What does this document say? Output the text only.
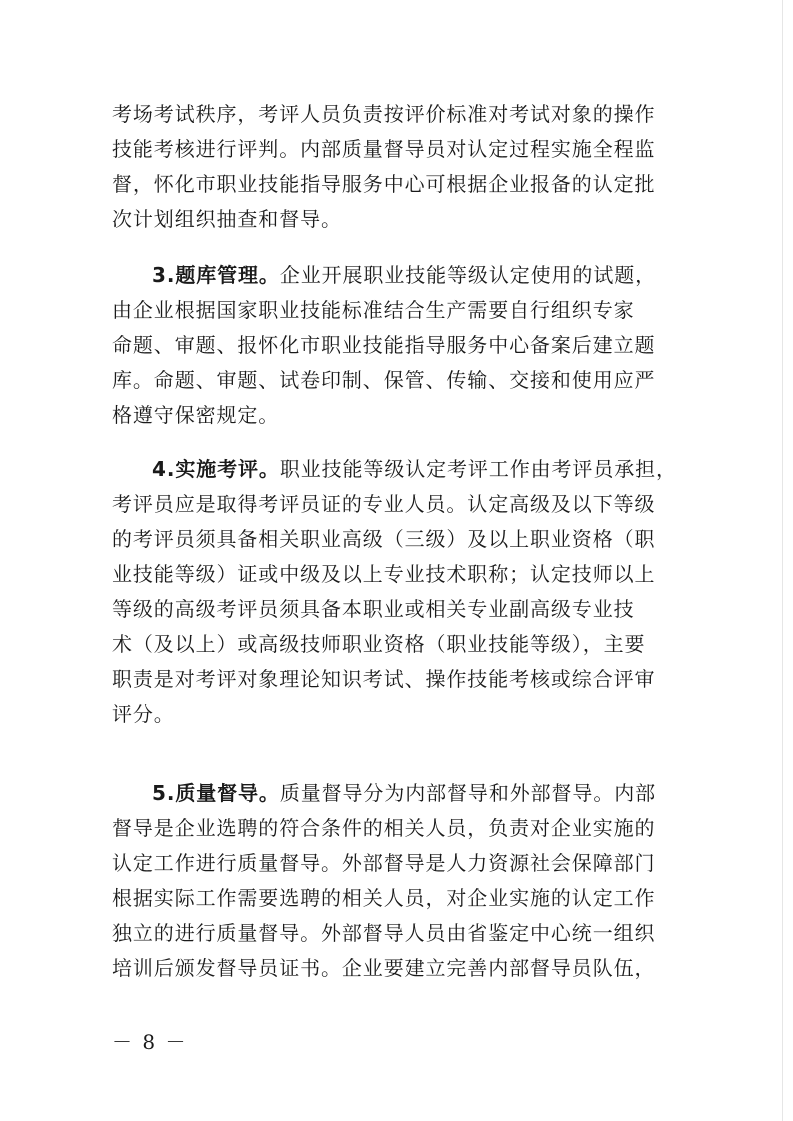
考场考试秩序，考评人员负责按评价标准对考试对象的操作
技能考核进行评判。内部质量督导员对认定过程实施全程监
督，怀化市职业技能指导服务中心可根据企业报备的认定批
次计划组织抽查和督导。
3.题库管理。企业开展职业技能等级认定使用的试题，
由企业根据国家职业技能标准结合生产需要自行组织专家
命题、审题、报怀化市职业技能指导服务中心备案后建立题
库。命题、审题、试卷印制、保管、传输、交接和使用应严
格遵守保密规定。
4.实施考评。职业技能等级认定考评工作由考评员承担，
考评员应是取得考评员证的专业人员。认定高级及以下等级
的考评员须具备相关职业高级（三级）及以上职业资格（职
业技能等级）证或中级及以上专业技术职称；认定技师以上
等级的高级考评员须具备本职业或相关专业副高级专业技
术（及以上）或高级技师职业资格（职业技能等级），主要
职责是对考评对象理论知识考试、操作技能考核或综合评审
评分。
5.质量督导。质量督导分为内部督导和外部督导。内部
督导是企业选聘的符合条件的相关人员，负责对企业实施的
认定工作进行质量督导。外部督导是人力资源社会保障部门
根据实际工作需要选聘的相关人员，对企业实施的认定工作
独立的进行质量督导。外部督导人员由省鉴定中心统一组织
培训后颁发督导员证书。企业要建立完善内部督导员队伍，
－ 8 －
